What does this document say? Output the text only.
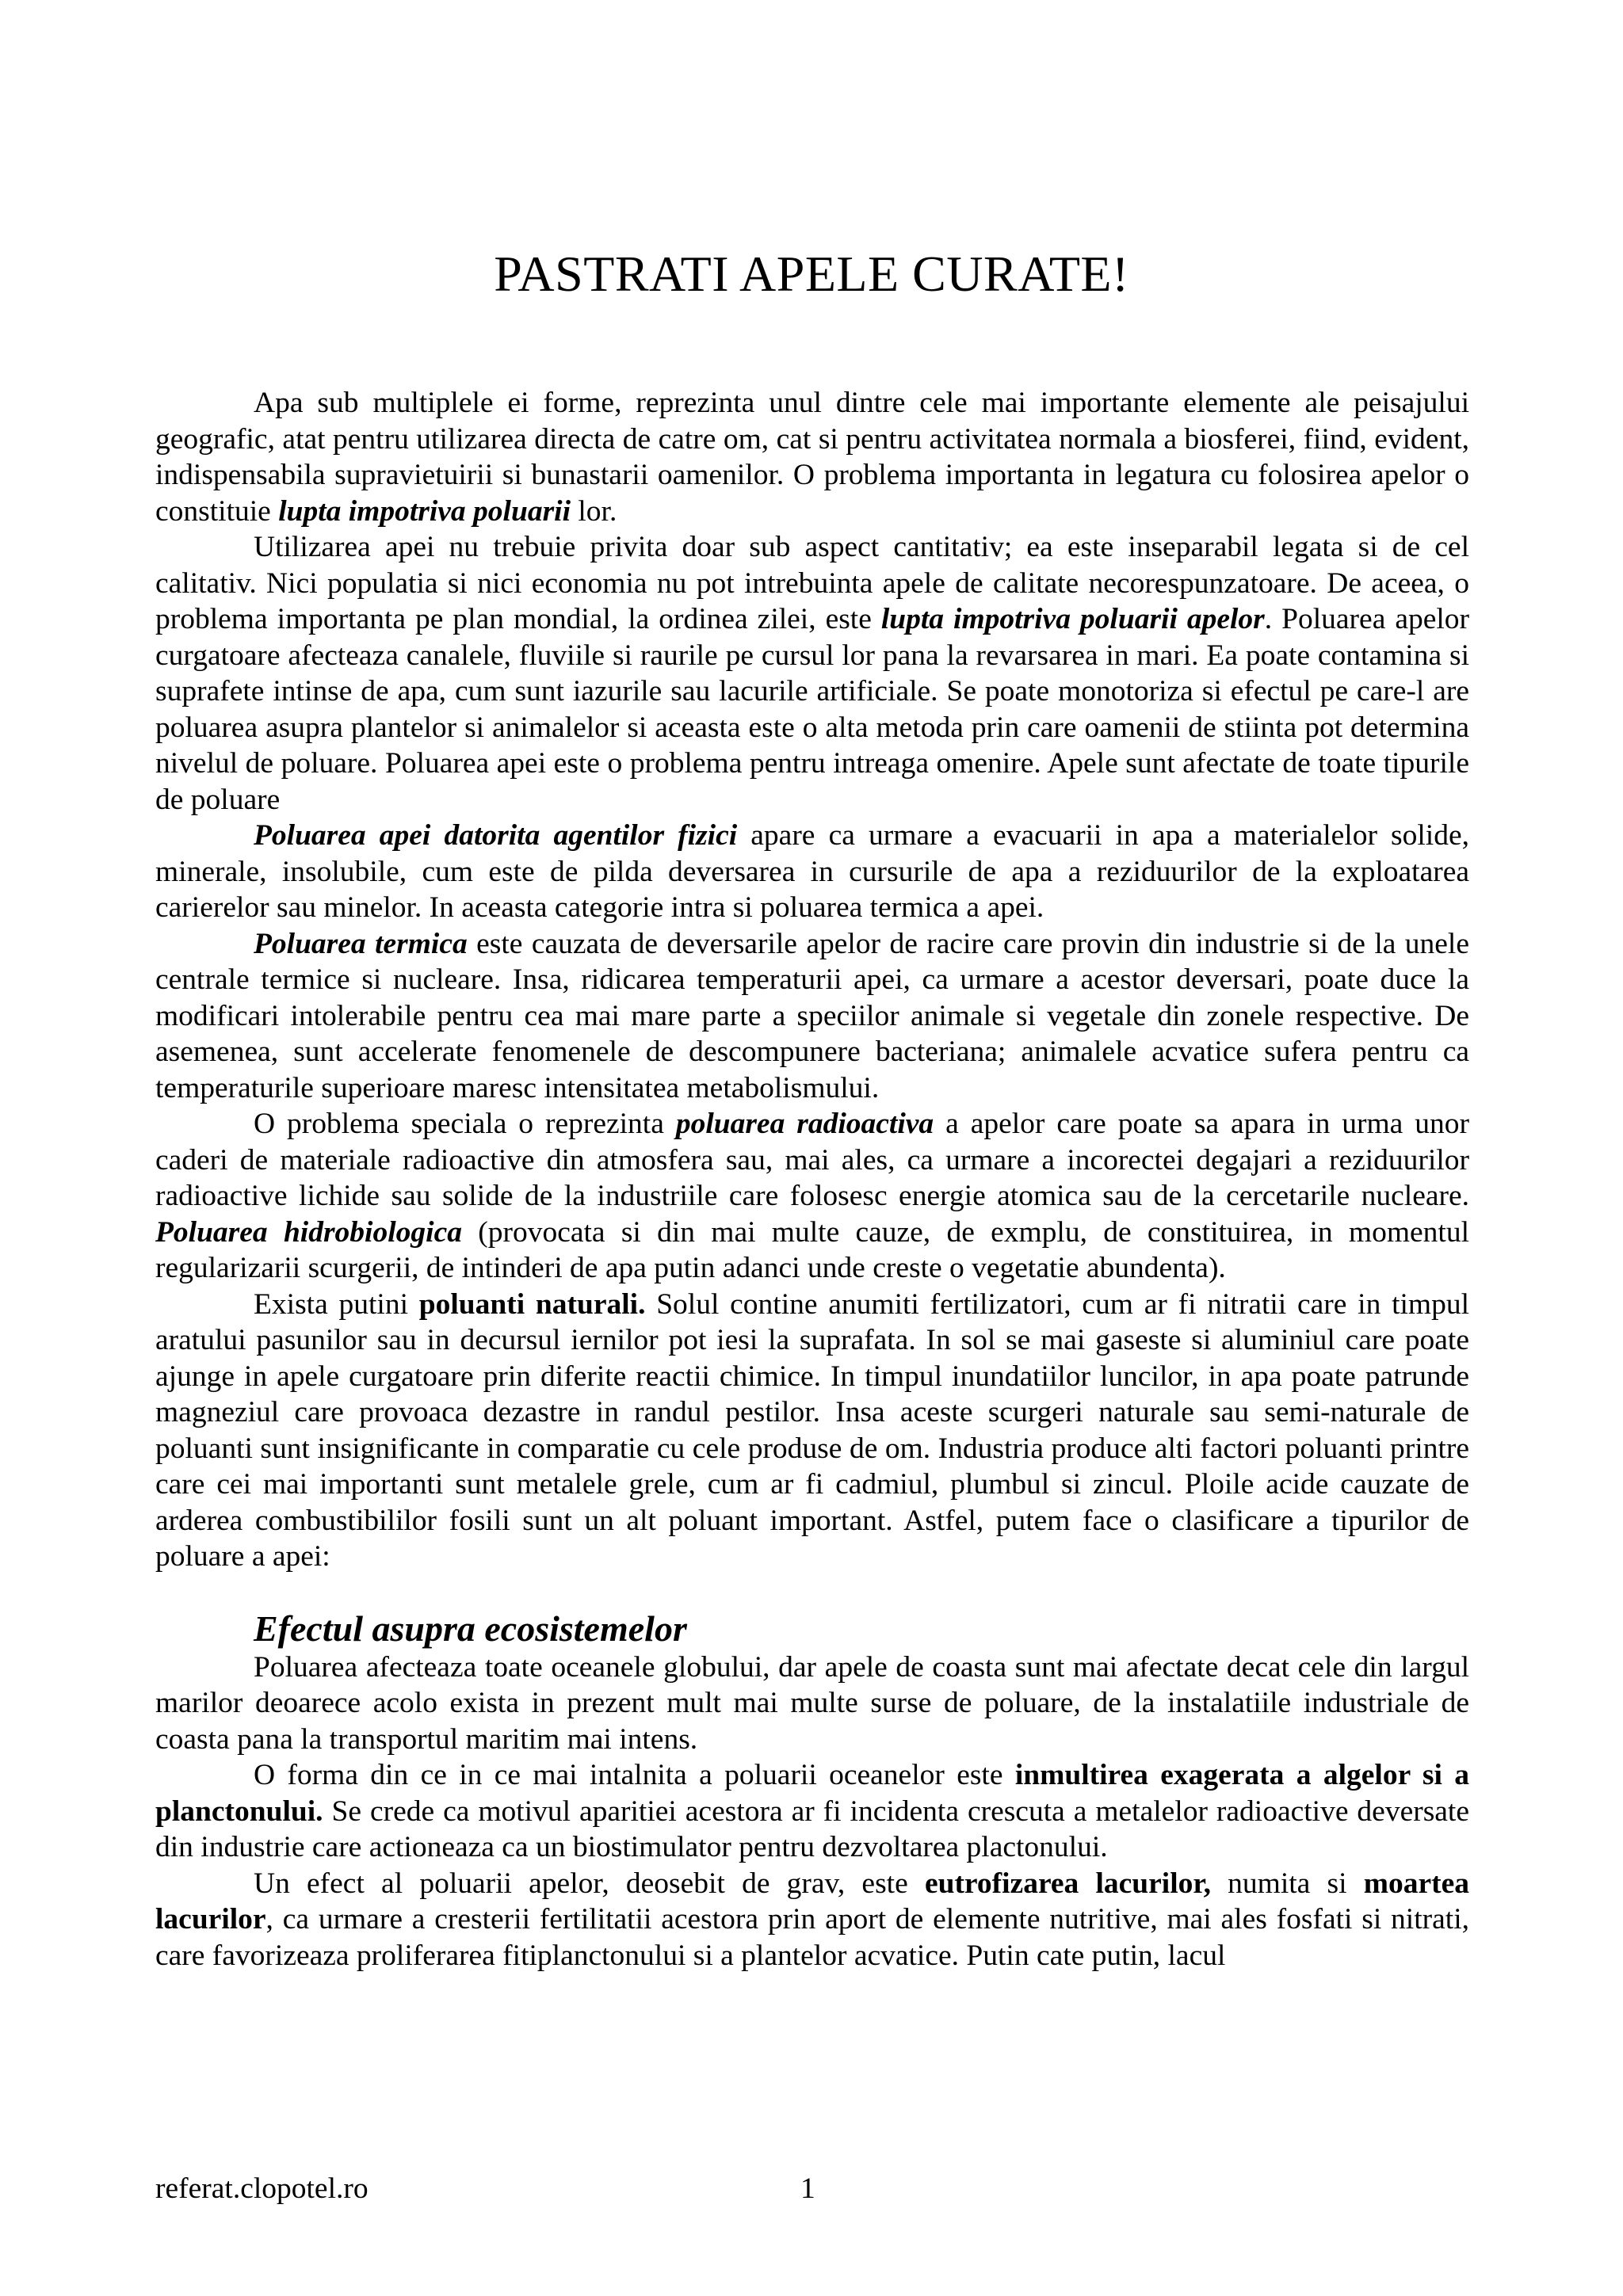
PASTRATI APELE CURATE!

Apa sub multiplele ei forme, reprezinta unul dintre cele mai importante elemente ale peisajului geografic, atat pentru utilizarea directa de catre om, cat si pentru activitatea normala a biosferei, fiind, evident, indispensabila supravietuirii si bunastarii oamenilor. O problema importanta in legatura cu folosirea apelor o constituie lupta impotriva poluarii lor.

Utilizarea apei nu trebuie privita doar sub aspect cantitativ; ea este inseparabil legata si de cel calitativ. Nici populatia si nici economia nu pot intrebuinta apele de calitate necorespunzatoare. De aceea, o problema importanta pe plan mondial, la ordinea zilei, este lupta impotriva poluarii apelor. Poluarea apelor curgatoare afecteaza canalele, fluviile si raurile pe cursul lor pana la revarsarea in mari. Ea poate contamina si suprafete intinse de apa, cum sunt iazurile sau lacurile artificiale. Se poate monotoriza si efectul pe care-l are poluarea asupra plantelor si animalelor si aceasta este o alta metoda prin care oamenii de stiinta pot determina nivelul de poluare. Poluarea apei este o problema pentru intreaga omenire. Apele sunt afectate de toate tipurile de poluare

Poluarea apei datorita agentilor fizici apare ca urmare a evacuarii in apa a materialelor solide, minerale, insolubile, cum este de pilda deversarea in cursurile de apa a reziduurilor de la exploatarea carierelor sau minelor. In aceasta categorie intra si poluarea termica a apei.

Poluarea termica este cauzata de deversarile apelor de racire care provin din industrie si de la unele centrale termice si nucleare. Insa, ridicarea temperaturii apei, ca urmare a acestor deversari, poate duce la modificari intolerabile pentru cea mai mare parte a speciilor animale si vegetale din zonele respective. De asemenea, sunt accelerate fenomenele de descompunere bacteriana; animalele acvatice sufera pentru ca temperaturile superioare maresc intensitatea metabolismului.

O problema speciala o reprezinta poluarea radioactiva a apelor care poate sa apara in urma unor caderi de materiale radioactive din atmosfera sau, mai ales, ca urmare a incorectei degajari a reziduurilor radioactive lichide sau solide de la industriile care folosesc energie atomica sau de la cercetarile nucleare. Poluarea hidrobiologica (provocata si din mai multe cauze, de exmplu, de constituirea, in momentul regularizarii scurgerii, de intinderi de apa putin adanci unde creste o vegetatie abundenta).

Exista putini poluanti naturali. Solul contine anumiti fertilizatori, cum ar fi nitratii care in timpul aratului pasunilor sau in decursul iernilor pot iesi la suprafata. In sol se mai gaseste si aluminiul care poate ajunge in apele curgatoare prin diferite reactii chimice. In timpul inundatiilor luncilor, in apa poate patrunde magneziul care provoaca dezastre in randul pestilor. Insa aceste scurgeri naturale sau semi-naturale de poluanti sunt insignificante in comparatie cu cele produse de om. Industria produce alti factori poluanti printre care cei mai importanti sunt metalele grele, cum ar fi cadmiul, plumbul si zincul. Ploile acide cauzate de arderea combustibililor fosili sunt un alt poluant important. Astfel, putem face o clasificare a tipurilor de poluare a apei:

Efectul asupra ecosistemelor

Poluarea afecteaza toate oceanele globului, dar apele de coasta sunt mai afectate decat cele din largul marilor deoarece acolo exista in prezent mult mai multe surse de poluare, de la instalatiile industriale de coasta pana la transportul maritim mai intens.

O forma din ce in ce mai intalnita a poluarii oceanelor este inmultirea exagerata a algelor si a planctonului. Se crede ca motivul aparitiei acestora ar fi incidenta crescuta a metalelor radioactive deversate din industrie care actioneaza ca un biostimulator pentru dezvoltarea plactonului.

Un efect al poluarii apelor, deosebit de grav, este eutrofizarea lacurilor, numita si moartea lacurilor, ca urmare a cresterii fertilitatii acestora prin aport de elemente nutritive, mai ales fosfati si nitrati, care favorizeaza proliferarea fitiplanctonului si a plantelor acvatice. Putin cate putin, lacul

referat.clopotel.ro	1
